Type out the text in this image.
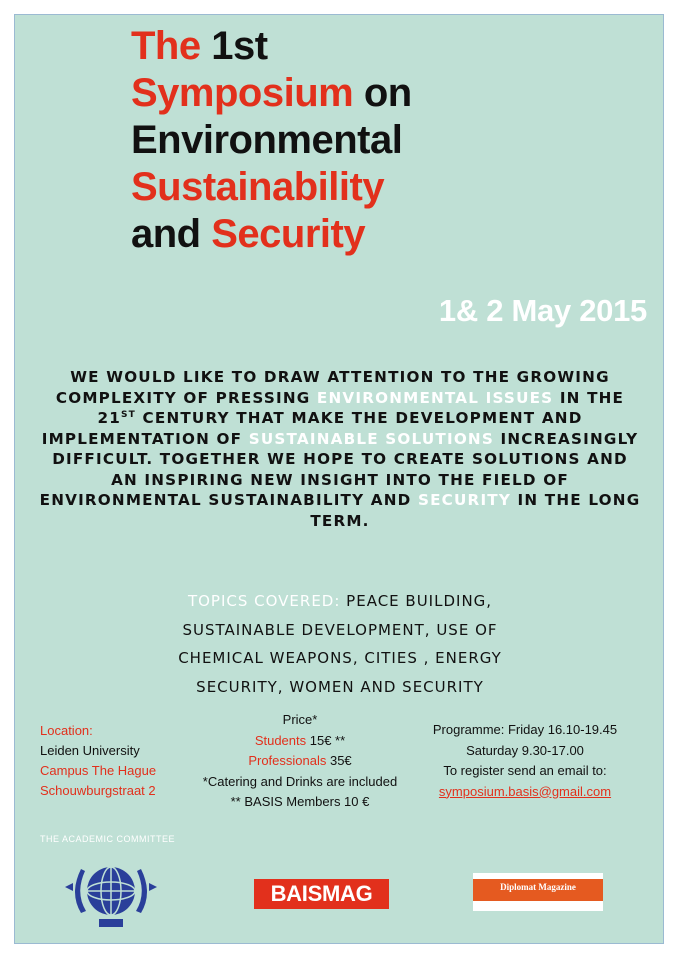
The 1st
Symposium on
Environmental
Sustainability
and Security
1& 2 May 2015

WE WOULD LIKE TO DRAW ATTENTION TO THE GROWING COMPLEXITY OF PRESSING ENVIRONMENTAL ISSUES IN THE 21ST CENTURY THAT MAKE THE DEVELOPMENT AND IMPLEMENTATION OF SUSTAINABLE SOLUTIONS INCREASINGLY DIFFICULT. TOGETHER WE HOPE TO CREATE SOLUTIONS AND AN INSPIRING NEW INSIGHT INTO THE FIELD OF ENVIRONMENTAL SUSTAINABILITY AND SECURITY IN THE LONG TERM.

TOPICS COVERED: PEACE BUILDING,
SUSTAINABLE DEVELOPMENT, USE OF
CHEMICAL WEAPONS, CITIES , ENERGY
SECURITY, WOMEN AND SECURITY

Location:
Leiden University
Campus The Hague
Schouwburgstraat 2
Price*
Students 15€ **
Professionals 35€
*Catering and Drinks are included
** BASIS Members 10 €
Programme: Friday 16.10-19.45
Saturday 9.30-17.00
To register send an email to:
symposium.basis@gmail.com
THE ACADEMIC COMMITTEE
BAISMAG	Diplomat Magazine
